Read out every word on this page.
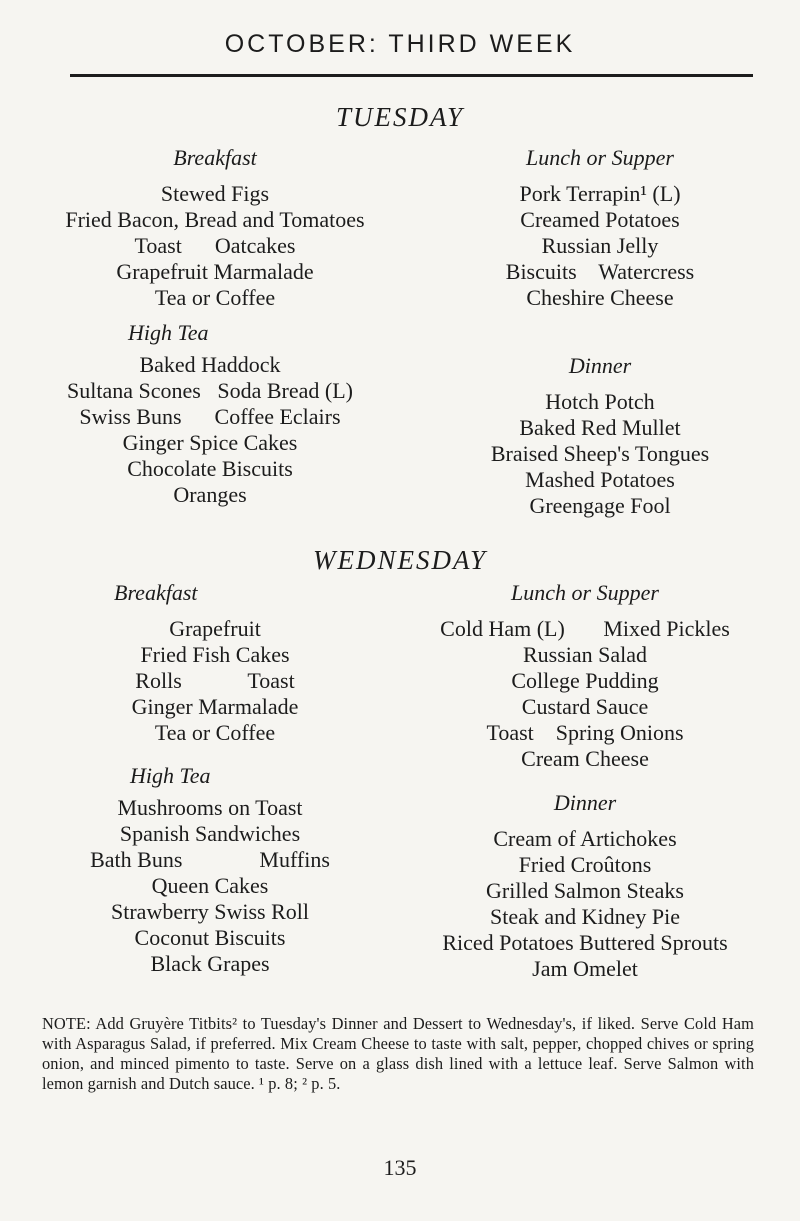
OCTOBER: THIRD WEEK
TUESDAY
Breakfast
Stewed Figs
Fried Bacon, Bread and Tomatoes
Toast      Oatcakes
Grapefruit Marmalade
Tea or Coffee
Lunch or Supper
Pork Terrapin¹ (L)
Creamed Potatoes
Russian Jelly
Biscuits    Watercress
Cheshire Cheese
High Tea
Baked Haddock
Sultana Scones   Soda Bread (L)
Swiss Buns      Coffee Eclairs
Ginger Spice Cakes
Chocolate Biscuits
Oranges
Dinner
Hotch Potch
Baked Red Mullet
Braised Sheep's Tongues
Mashed Potatoes
Greengage Fool
WEDNESDAY
Breakfast
Grapefruit
Fried Fish Cakes
Rolls            Toast
Ginger Marmalade
Tea or Coffee
Lunch or Supper
Cold Ham (L)       Mixed Pickles
Russian Salad
College Pudding
Custard Sauce
Toast    Spring Onions
Cream Cheese
High Tea
Mushrooms on Toast
Spanish Sandwiches
Bath Buns              Muffins
Queen Cakes
Strawberry Swiss Roll
Coconut Biscuits
Black Grapes
Dinner
Cream of Artichokes
Fried Croûtons
Grilled Salmon Steaks
Steak and Kidney Pie
Riced Potatoes Buttered Sprouts
Jam Omelet
NOTE: Add Gruyère Titbits² to Tuesday's Dinner and Dessert to Wednesday's, if liked. Serve Cold Ham with Asparagus Salad, if preferred. Mix Cream Cheese to taste with salt, pepper, chopped chives or spring onion, and minced pimento to taste. Serve on a glass dish lined with a lettuce leaf. Serve Salmon with lemon garnish and Dutch sauce. ¹ p. 8; ² p. 5.
135
